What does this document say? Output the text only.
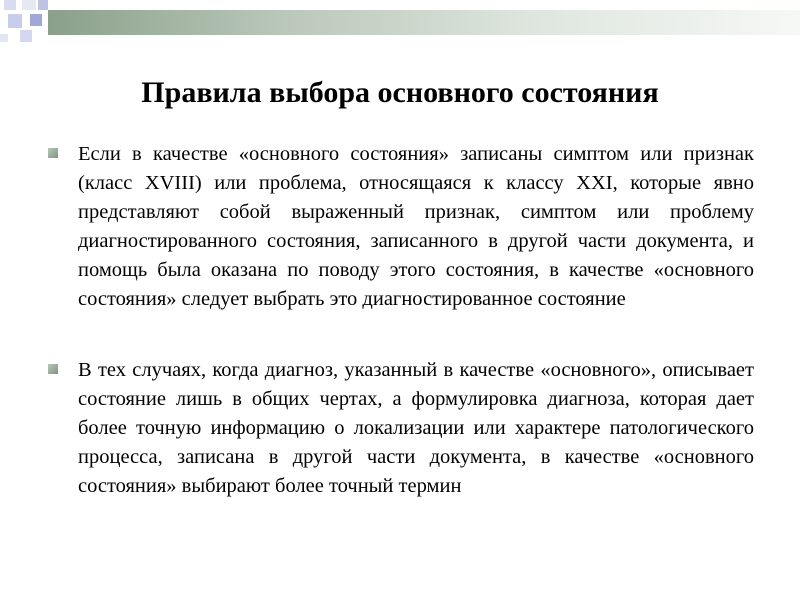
Правила выбора основного состояния
Если в качестве «основного состояния» записаны симптом или признак (класс XVIII) или проблема, относящаяся к классу XXI, которые явно представляют собой выраженный признак, симптом или проблему диагностированного состояния, записанного в другой части документа, и помощь была оказана по поводу этого состояния, в качестве «основного состояния» следует выбрать это диагностированное состояние
В тех случаях, когда диагноз, указанный в качестве «основного», описывает состояние лишь в общих чертах, а формулировка диагноза, которая дает более точную информацию о локализации или характере патологического процесса, записана в другой части документа, в качестве «основного состояния» выбирают более точный термин
